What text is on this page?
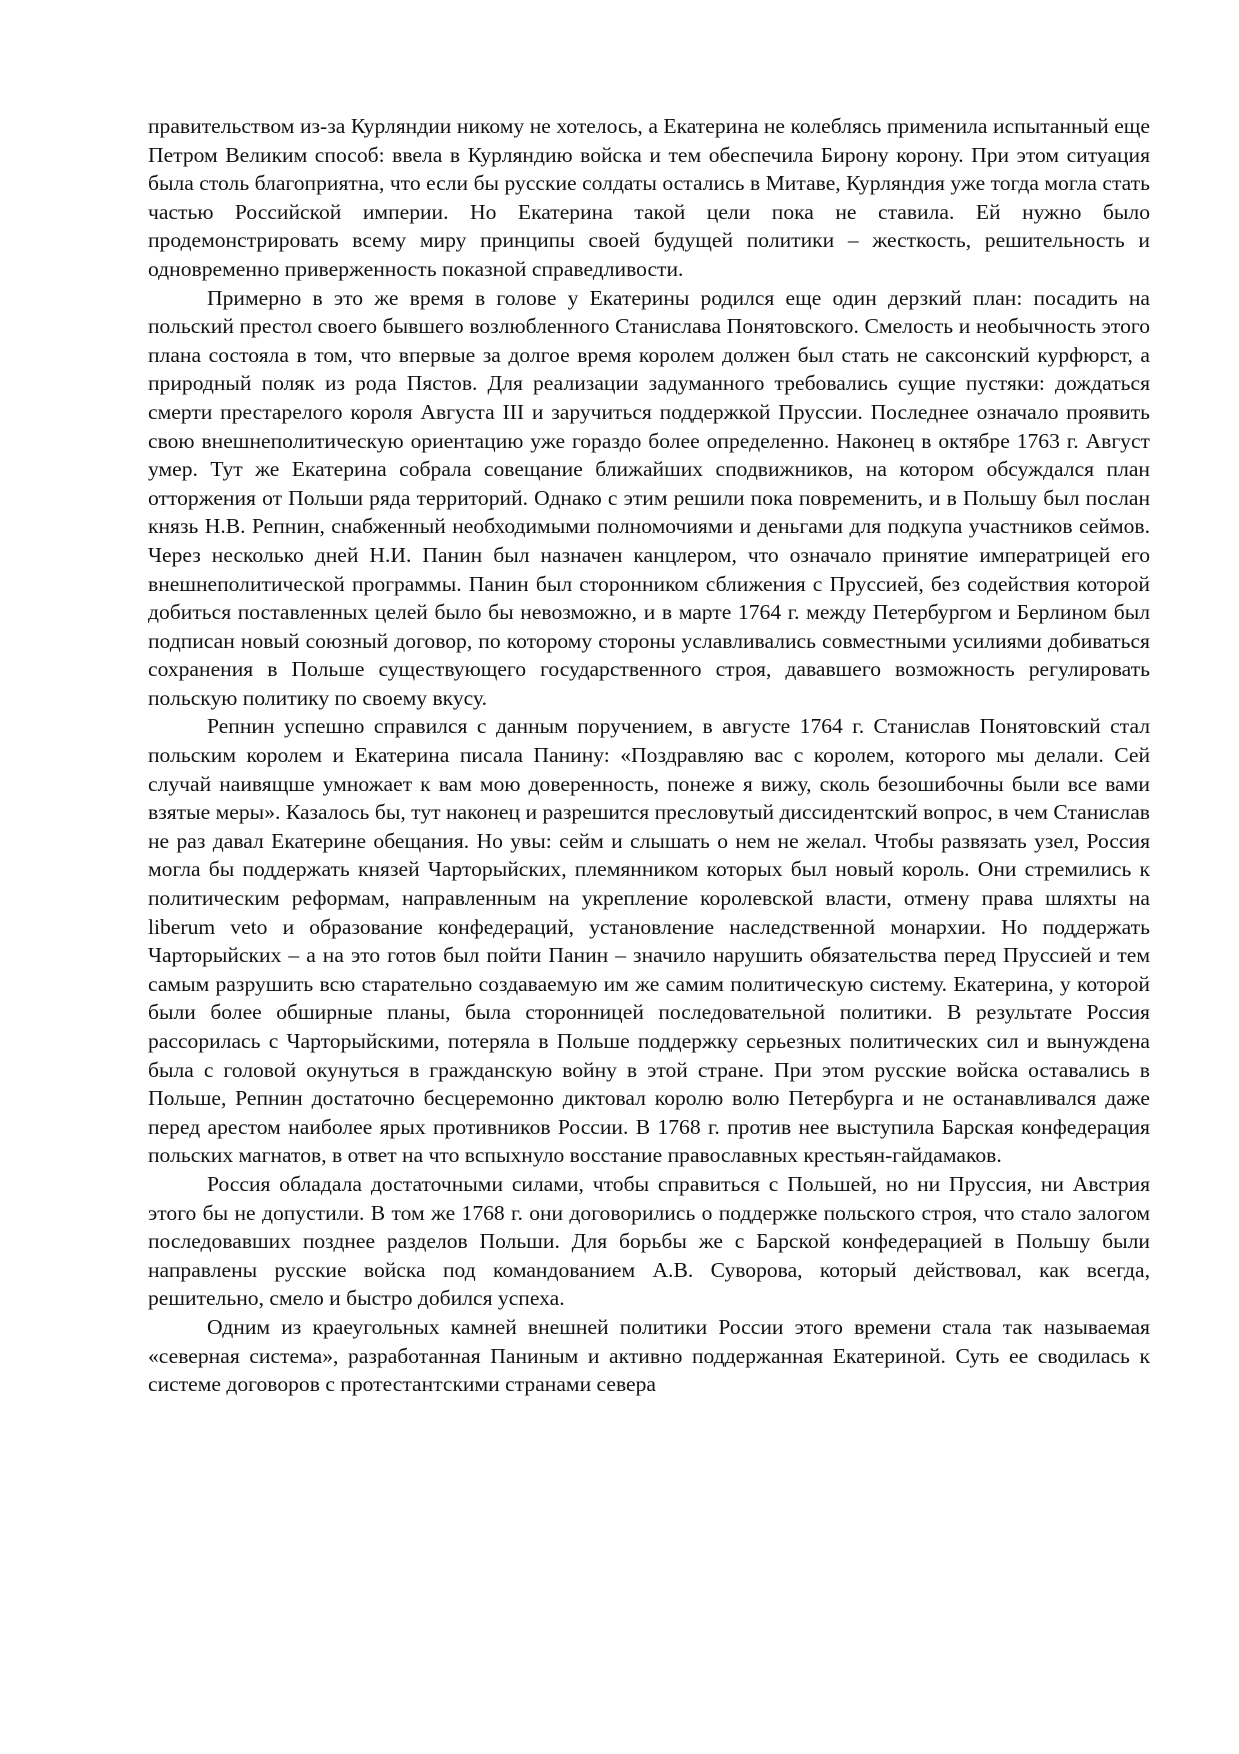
правительством из-за Курляндии никому не хотелось, а Екатерина не колеблясь применила испытанный еще Петром Великим способ: ввела в Курляндию войска и тем обеспечила Бирону корону. При этом ситуация была столь благоприятна, что если бы русские солдаты остались в Митаве, Курляндия уже тогда могла стать частью Российской империи. Но Екатерина такой цели пока не ставила. Ей нужно было продемонстрировать всему миру принципы своей будущей политики – жесткость, решительность и одновременно приверженность показной справедливости.

Примерно в это же время в голове у Екатерины родился еще один дерзкий план: посадить на польский престол своего бывшего возлюбленного Станислава Понятовского. Смелость и необычность этого плана состояла в том, что впервые за долгое время королем должен был стать не саксонский курфюрст, а природный поляк из рода Пястов. Для реализации задуманного требовались сущие пустяки: дождаться смерти престарелого короля Августа III и заручиться поддержкой Пруссии. Последнее означало проявить свою внешнеполитическую ориентацию уже гораздо более определенно. Наконец в октябре 1763 г. Август умер. Тут же Екатерина собрала совещание ближайших сподвижников, на котором обсуждался план отторжения от Польши ряда территорий. Однако с этим решили пока повременить, и в Польшу был послан князь Н.В. Репнин, снабженный необходимыми полномочиями и деньгами для подкупа участников сеймов. Через несколько дней Н.И. Панин был назначен канцлером, что означало принятие императрицей его внешнеполитической программы. Панин был сторонником сближения с Пруссией, без содействия которой добиться поставленных целей было бы невозможно, и в марте 1764 г. между Петербургом и Берлином был подписан новый союзный договор, по которому стороны уславливались совместными усилиями добиваться сохранения в Польше существующего государственного строя, дававшего возможность регулировать польскую политику по своему вкусу.

Репнин успешно справился с данным поручением, в августе 1764 г. Станислав Понятовский стал польским королем и Екатерина писала Панину: «Поздравляю вас с королем, которого мы делали. Сей случай наивящше умножает к вам мою доверенность, понеже я вижу, сколь безошибочны были все вами взятые меры». Казалось бы, тут наконец и разрешится пресловутый диссидентский вопрос, в чем Станислав не раз давал Екатерине обещания. Но увы: сейм и слышать о нем не желал. Чтобы развязать узел, Россия могла бы поддержать князей Чарторыйских, племянником которых был новый король. Они стремились к политическим реформам, направленным на укрепление королевской власти, отмену права шляхты на liberum veto и образование конфедераций, установление наследственной монархии. Но поддержать Чарторыйских – а на это готов был пойти Панин – значило нарушить обязательства перед Пруссией и тем самым разрушить всю старательно создаваемую им же самим политическую систему. Екатерина, у которой были более обширные планы, была сторонницей последовательной политики. В результате Россия рассорилась с Чарторыйскими, потеряла в Польше поддержку серьезных политических сил и вынуждена была с головой окунуться в гражданскую войну в этой стране. При этом русские войска оставались в Польше, Репнин достаточно бесцеремонно диктовал королю волю Петербурга и не останавливался даже перед арестом наиболее ярых противников России. В 1768 г. против нее выступила Барская конфедерация польских магнатов, в ответ на что вспыхнуло восстание православных крестьян-гайдамаков.

Россия обладала достаточными силами, чтобы справиться с Польшей, но ни Пруссия, ни Австрия этого бы не допустили. В том же 1768 г. они договорились о поддержке польского строя, что стало залогом последовавших позднее разделов Польши. Для борьбы же с Барской конфедерацией в Польшу были направлены русские войска под командованием А.В. Суворова, который действовал, как всегда, решительно, смело и быстро добился успеха.

Одним из краеугольных камней внешней политики России этого времени стала так называемая «северная система», разработанная Паниным и активно поддержанная Екатериной. Суть ее сводилась к системе договоров с протестантскими странами севера
